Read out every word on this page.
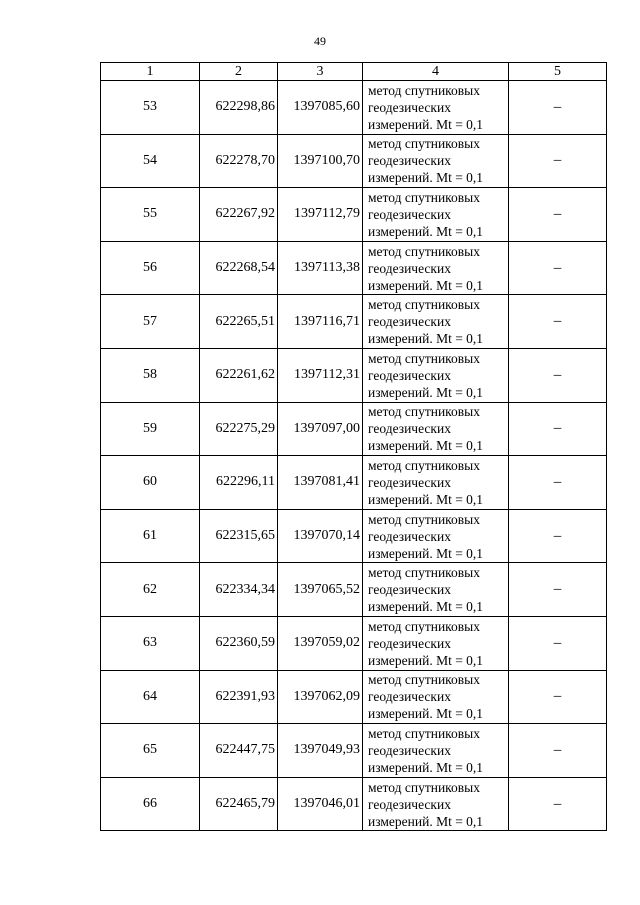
49
1	2	3	4	5
53	622298,86	1397085,60	метод спутниковых
геодезических
измерений. Mt = 0,1	–
54	622278,70	1397100,70	метод спутниковых
геодезических
измерений. Mt = 0,1	–
55	622267,92	1397112,79	метод спутниковых
геодезических
измерений. Mt = 0,1	–
56	622268,54	1397113,38	метод спутниковых
геодезических
измерений. Mt = 0,1	–
57	622265,51	1397116,71	метод спутниковых
геодезических
измерений. Mt = 0,1	–
58	622261,62	1397112,31	метод спутниковых
геодезических
измерений. Mt = 0,1	–
59	622275,29	1397097,00	метод спутниковых
геодезических
измерений. Mt = 0,1	–
60	622296,11	1397081,41	метод спутниковых
геодезических
измерений. Mt = 0,1	–
61	622315,65	1397070,14	метод спутниковых
геодезических
измерений. Mt = 0,1	–
62	622334,34	1397065,52	метод спутниковых
геодезических
измерений. Mt = 0,1	–
63	622360,59	1397059,02	метод спутниковых
геодезических
измерений. Mt = 0,1	–
64	622391,93	1397062,09	метод спутниковых
геодезических
измерений. Mt = 0,1	–
65	622447,75	1397049,93	метод спутниковых
геодезических
измерений. Mt = 0,1	–
66	622465,79	1397046,01	метод спутниковых
геодезических
измерений. Mt = 0,1	–
